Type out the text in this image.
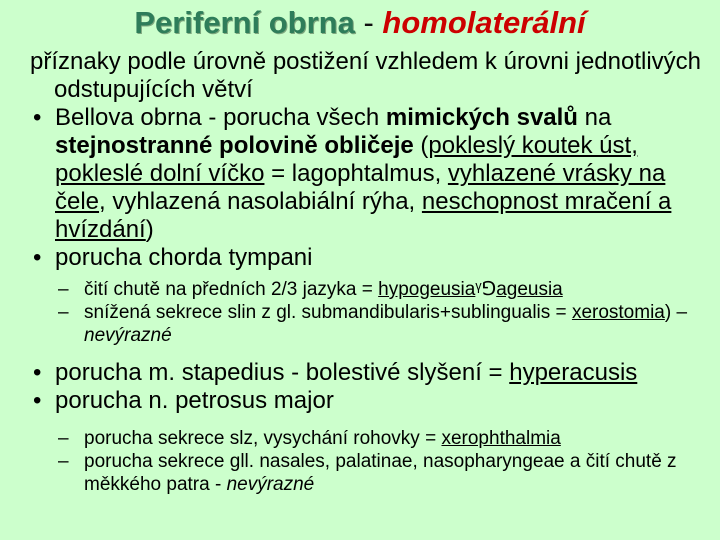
Periferní obrna - homolaterální
příznaky podle úrovně postižení vzhledem k úrovni jednotlivých odstupujících větví
• Bellova obrna - porucha všech mimických svalů na stejnostranné polovině obličeje (pokleslý koutek úst, pokleslé dolní víčko = lagophtalmus, vyhlazené vrásky na čele, vyhlazená nasolabiální rýha, neschopnost mračení a hvízdání)
• porucha chorda tympani
– čití chutě na předních 2/3 jazyka = hypogeusiaᵞ⅁ageusia
– snížená sekrece slin z gl. submandibularis+sublingualis = xerostomia) – nevýrazné
• porucha m. stapedius - bolestivé slyšení = hyperacusis
• porucha n. petrosus major
– porucha sekrece slz, vysychání rohovky = xerophthalmia
– porucha sekrece gll. nasales, palatinae, nasopharyngeae a čití chutě z měkkého patra - nevýrazné
